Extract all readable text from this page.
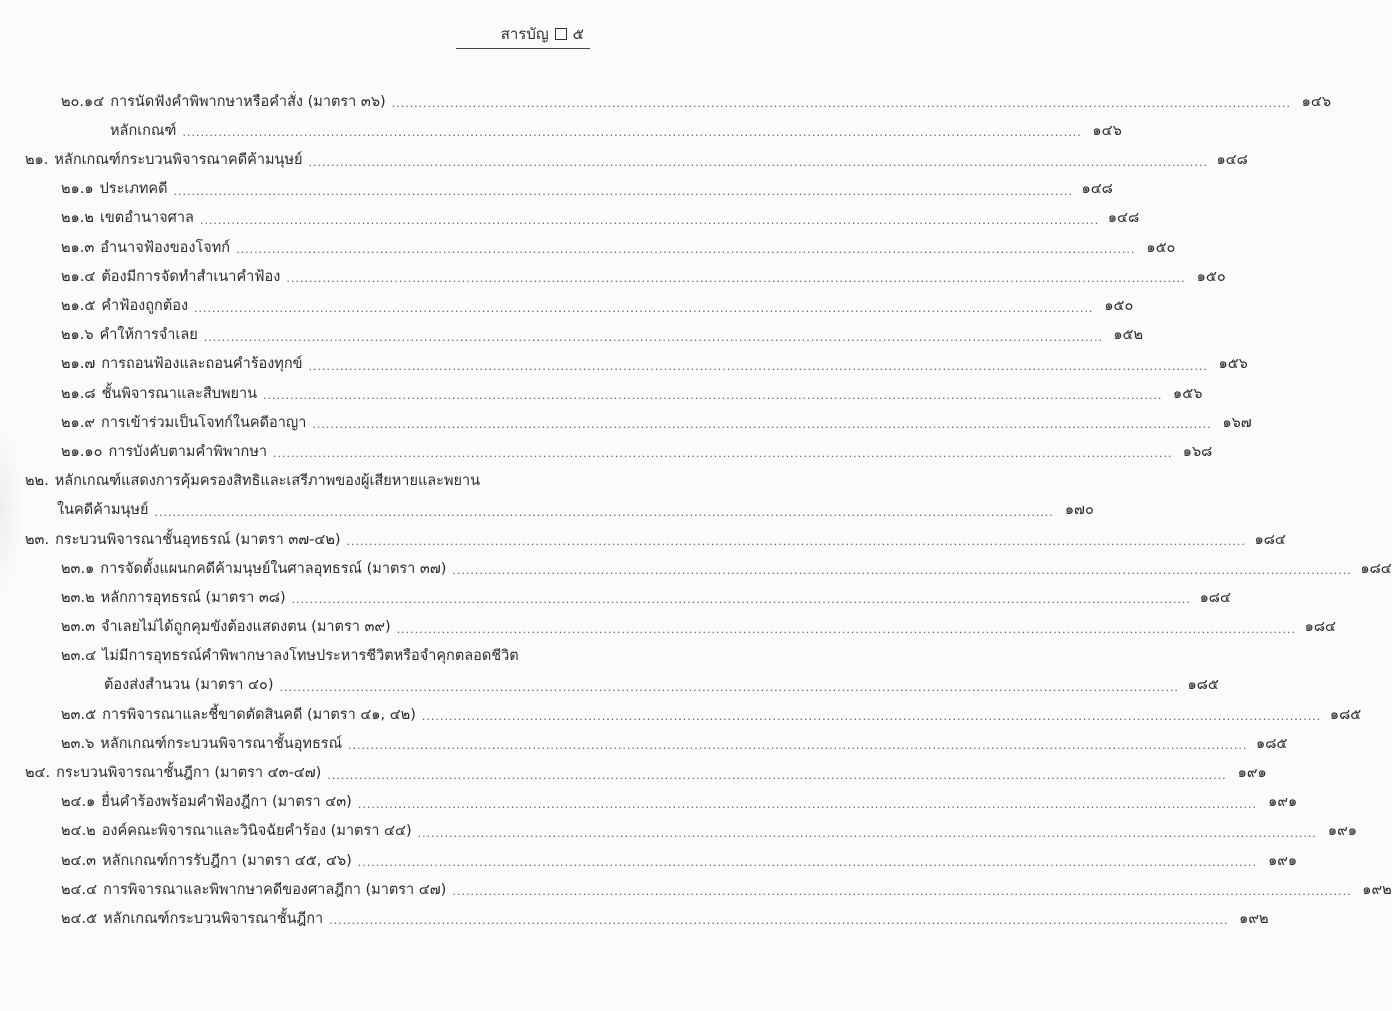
สารบัญ ๕
๒๐.๑๔ การนัดฟังคำพิพากษาหรือคำสั่ง (มาตรา ๓๖) ........................................................................................................................................................................................................ ๑๔๖
หลักเกณฑ์ ........................................................................................................................................................................................................ ๑๔๖
๒๑. หลักเกณฑ์กระบวนพิจารณาคดีค้ามนุษย์ ........................................................................................................................................................................................................ ๑๔๘
๒๑.๑ ประเภทคดี ........................................................................................................................................................................................................ ๑๔๘
๒๑.๒ เขตอำนาจศาล ........................................................................................................................................................................................................ ๑๔๘
๒๑.๓ อำนาจฟ้องของโจทก์ ........................................................................................................................................................................................................ ๑๕๐
๒๑.๔ ต้องมีการจัดทำสำเนาคำฟ้อง ........................................................................................................................................................................................................ ๑๕๐
๒๑.๕ คำฟ้องถูกต้อง ........................................................................................................................................................................................................ ๑๕๐
๒๑.๖ คำให้การจำเลย ........................................................................................................................................................................................................ ๑๕๒
๒๑.๗ การถอนฟ้องและถอนคำร้องทุกข์ ........................................................................................................................................................................................................ ๑๕๖
๒๑.๘ ชั้นพิจารณาและสืบพยาน ........................................................................................................................................................................................................ ๑๕๖
๒๑.๙ การเข้าร่วมเป็นโจทก์ในคดีอาญา ........................................................................................................................................................................................................ ๑๖๗
๒๑.๑๐ การบังคับตามคำพิพากษา ........................................................................................................................................................................................................ ๑๖๘
๒๒. หลักเกณฑ์แสดงการคุ้มครองสิทธิและเสรีภาพของผู้เสียหายและพยาน
ในคดีค้ามนุษย์ ........................................................................................................................................................................................................ ๑๗๐
๒๓. กระบวนพิจารณาชั้นอุทธรณ์ (มาตรา ๓๗-๔๒) ........................................................................................................................................................................................................ ๑๘๔
๒๓.๑ การจัดตั้งแผนกคดีค้ามนุษย์ในศาลอุทธรณ์ (มาตรา ๓๗) ........................................................................................................................................................................................................ ๑๘๔
๒๓.๒ หลักการอุทธรณ์ (มาตรา ๓๘) ........................................................................................................................................................................................................ ๑๘๔
๒๓.๓ จำเลยไม่ได้ถูกคุมขังต้องแสดงตน (มาตรา ๓๙) ........................................................................................................................................................................................................ ๑๘๔
๒๓.๔ ไม่มีการอุทธรณ์คำพิพากษาลงโทษประหารชีวิตหรือจำคุกตลอดชีวิต
ต้องส่งสำนวน (มาตรา ๔๐) ........................................................................................................................................................................................................ ๑๘๕
๒๓.๕ การพิจารณาและชี้ขาดตัดสินคดี (มาตรา ๔๑, ๔๒) ........................................................................................................................................................................................................ ๑๘๕
๒๓.๖ หลักเกณฑ์กระบวนพิจารณาชั้นอุทธรณ์ ........................................................................................................................................................................................................ ๑๘๕
๒๔. กระบวนพิจารณาชั้นฎีกา (มาตรา ๔๓-๔๗) ........................................................................................................................................................................................................ ๑๙๑
๒๔.๑ ยื่นคำร้องพร้อมคำฟ้องฎีกา (มาตรา ๔๓) ........................................................................................................................................................................................................ ๑๙๑
๒๔.๒ องค์คณะพิจารณาและวินิจฉัยคำร้อง (มาตรา ๔๔) ........................................................................................................................................................................................................ ๑๙๑
๒๔.๓ หลักเกณฑ์การรับฎีกา (มาตรา ๔๕, ๔๖) ........................................................................................................................................................................................................ ๑๙๑
๒๔.๔ การพิจารณาและพิพากษาคดีของศาลฎีกา (มาตรา ๔๗) ........................................................................................................................................................................................................ ๑๙๒
๒๔.๕ หลักเกณฑ์กระบวนพิจารณาชั้นฎีกา ........................................................................................................................................................................................................ ๑๙๒
